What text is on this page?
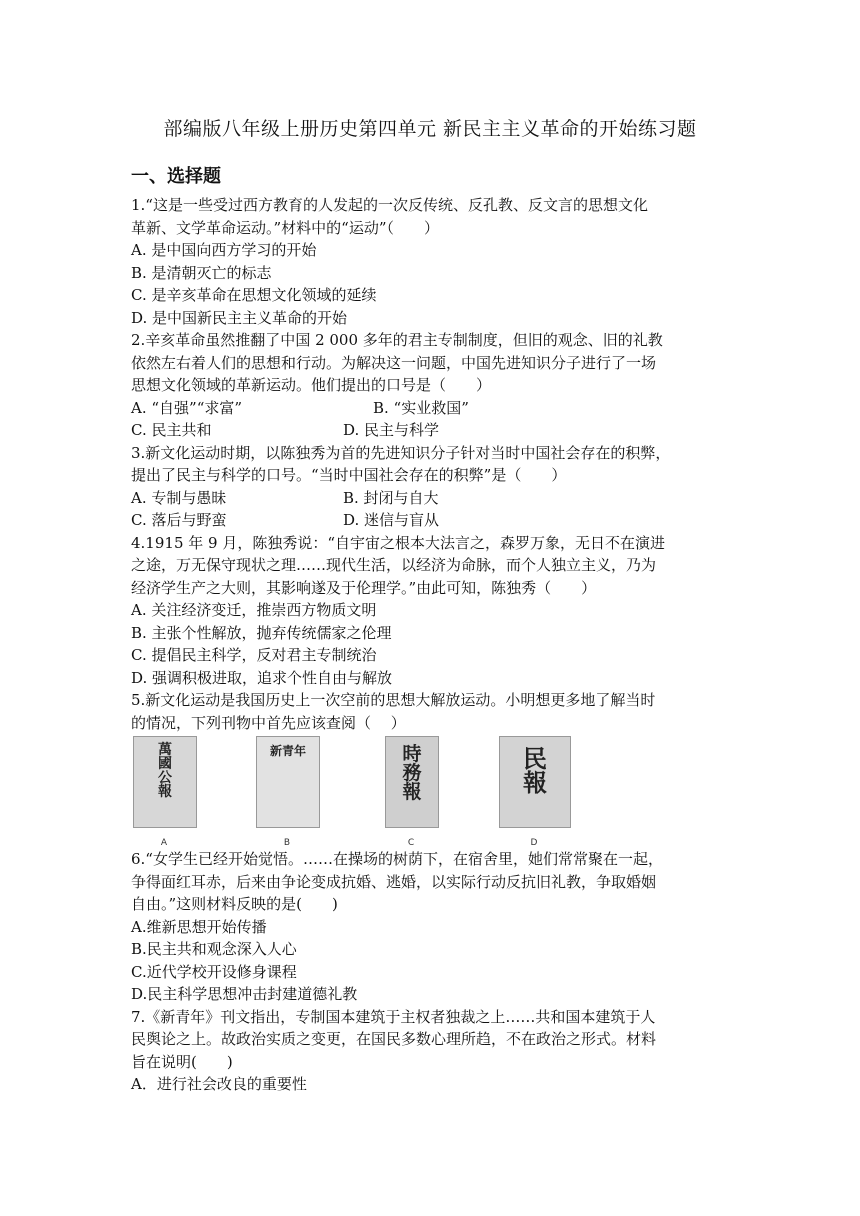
部编版八年级上册历史第四单元 新民主主义革命的开始练习题
一、选择题
1.“这是一些受过西方教育的人发起的一次反传统、反孔教、反文言的思想文化
革新、文学革命运动。”材料中的“运动”（　　）
A. 是中国向西方学习的开始
B. 是清朝灭亡的标志
C. 是辛亥革命在思想文化领域的延续
D. 是中国新民主主义革命的开始
2.辛亥革命虽然推翻了中国 2 000 多年的君主专制制度，但旧的观念、旧的礼教
依然左右着人们的思想和行动。为解决这一问题，中国先进知识分子进行了一场
思想文化领域的革新运动。他们提出的口号是（　　）
A. “自强”“求富”	B. “实业救国”
C. 民主共和	D. 民主与科学
3.新文化运动时期，以陈独秀为首的先进知识分子针对当时中国社会存在的积弊，
提出了民主与科学的口号。“当时中国社会存在的积弊”是（　　）
A. 专制与愚昧	B. 封闭与自大
C. 落后与野蛮	D. 迷信与盲从
4.1915 年 9 月，陈独秀说：“自宇宙之根本大法言之，森罗万象，无日不在演进
之途，万无保守现状之理……现代生活，以经济为命脉，而个人独立主义，乃为
经济学生产之大则，其影响遂及于伦理学。”由此可知，陈独秀（　　）
A. 关注经济变迁，推崇西方物质文明
B. 主张个性解放，抛弃传统儒家之伦理
C. 提倡民主科学，反对君主专制统治
D. 强调积极进取，追求个性自由与解放
5.新文化运动是我国历史上一次空前的思想大解放运动。小明想更多地了解当时
的情况，下列刊物中首先应该查阅（　 ）
萬國公報
A
新青年
B
時務報
C
民報
D
6.“女学生已经开始觉悟。……在操场的树荫下，在宿舍里，她们常常聚在一起，
争得面红耳赤，后来由争论变成抗婚、逃婚，以实际行动反抗旧礼教，争取婚姻
自由。”这则材料反映的是(　　)
A.维新思想开始传播
B.民主共和观念深入人心
C.近代学校开设修身课程
D.民主科学思想冲击封建道德礼教
7.《新青年》刊文指出，专制国本建筑于主权者独裁之上……共和国本建筑于人
民舆论之上。故政治实质之变更，在国民多数心理所趋，不在政治之形式。材料
旨在说明(　　)
A．进行社会改良的重要性
